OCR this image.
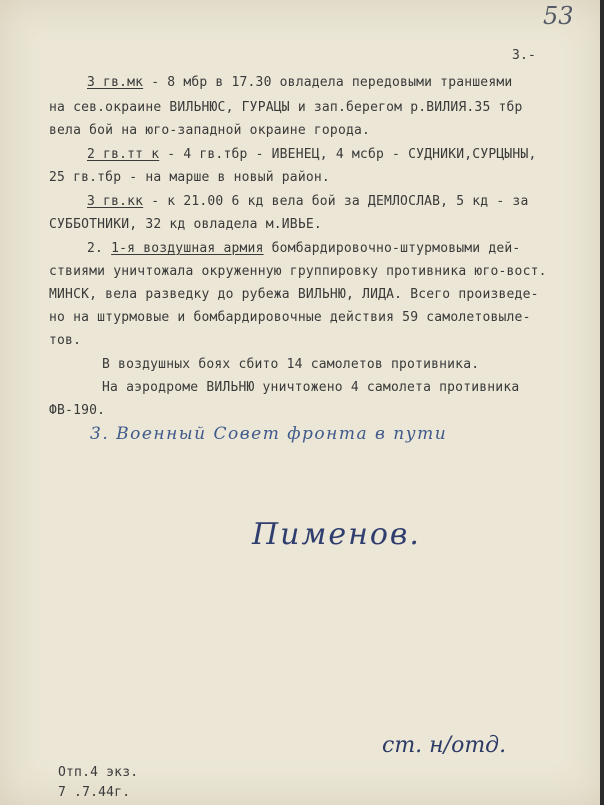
53
3.-
3 гв.мк - 8 мбр в 17.30 овладела передовыми траншеями
на сев.окраине ВИЛЬНЮС, ГУРАЦЫ и зап.берегом р.ВИЛИЯ.35 тбр
вела бой на юго-западной окраине города.
2 гв.тт к - 4 гв.тбр - ИВЕНЕЦ, 4 мсбр - СУДНИКИ,СУРЦЫНЫ,
25 гв.тбр - на марше в новый район.
3 гв.кк - к 21.00 6 кд вела бой за ДЕМЛОСЛАВ, 5 кд - за
СУББОТНИКИ, 32 кд овладела м.ИВЬЕ.
2. 1-я воздушная армия бомбардировочно-штурмовыми дей-
ствиями уничтожала окруженную группировку противника юго-вост.
МИНСК, вела разведку до рубежа ВИЛЬНЮ, ЛИДА. Всего произведе-
но на штурмовые и бомбардировочные действия 59 самолетовыле-
тов.
В воздушных боях сбито 14 самолетов противника.
На аэродроме ВИЛЬНЮ уничтожено 4 самолета противника
ФВ-190.
3. Военный Совет фронта в пути
Пименов.
ст. н/отд.
Отп.4 экз.
7 .7.44г.
